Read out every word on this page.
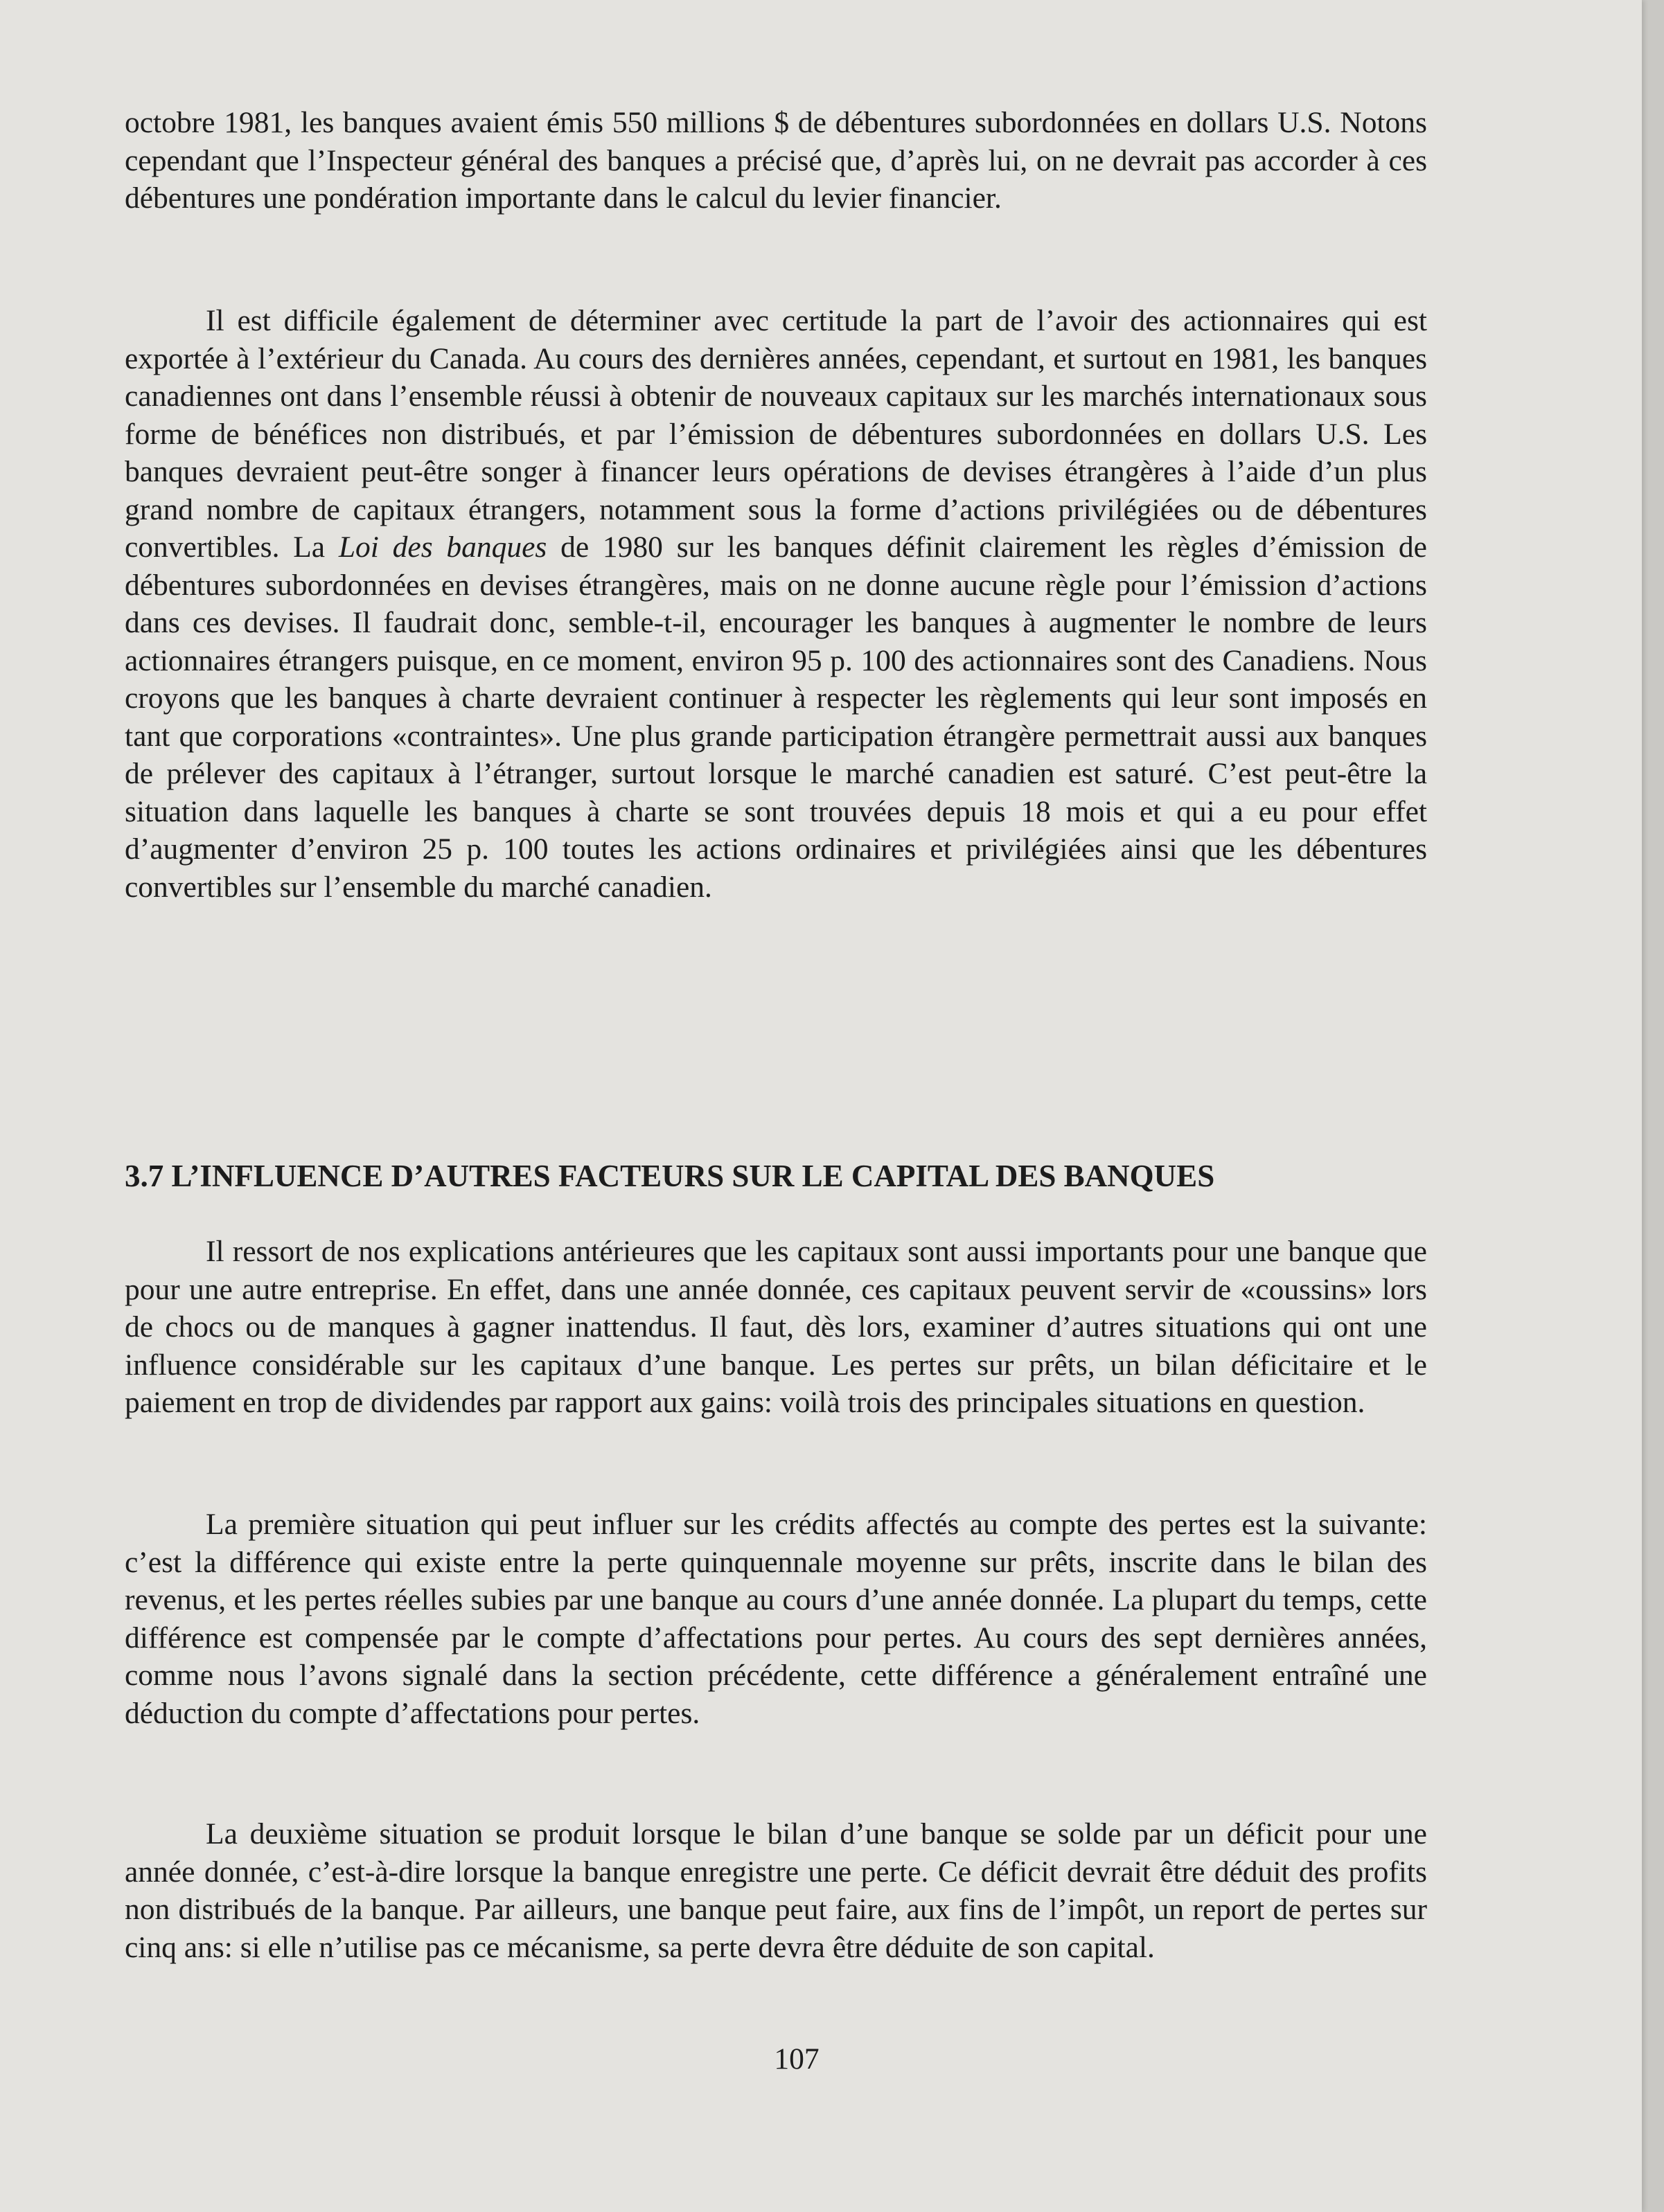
octobre 1981, les banques avaient émis 550 millions $ de débentures subordonnées en dollars U.S. Notons cependant que l’Inspecteur général des banques a précisé que, d’après lui, on ne devrait pas accorder à ces débentures une pondération importante dans le calcul du levier financier.

Il est difficile également de déterminer avec certitude la part de l’avoir des actionnaires qui est exportée à l’extérieur du Canada. Au cours des dernières années, cependant, et surtout en 1981, les banques canadiennes ont dans l’ensemble réussi à obtenir de nouveaux capitaux sur les marchés internationaux sous forme de bénéfices non distribués, et par l’émission de débentures subordonnées en dollars U.S. Les banques devraient peut-être songer à financer leurs opérations de devises étrangères à l’aide d’un plus grand nombre de capitaux étrangers, notamment sous la forme d’actions privilégiées ou de débentures convertibles. La Loi des banques de 1980 sur les banques définit clairement les règles d’émission de débentures subordonnées en devises étrangères, mais on ne donne aucune règle pour l’émission d’actions dans ces devises. Il faudrait donc, semble-t-il, encourager les banques à augmenter le nombre de leurs actionnaires étrangers puisque, en ce moment, environ 95 p. 100 des actionnaires sont des Canadiens. Nous croyons que les banques à charte devraient continuer à respecter les règlements qui leur sont imposés en tant que corporations «contraintes». Une plus grande participation étrangère permettrait aussi aux banques de prélever des capitaux à l’étranger, surtout lorsque le marché canadien est saturé. C’est peut-être la situation dans laquelle les banques à charte se sont trouvées depuis 18 mois et qui a eu pour effet d’augmenter d’environ 25 p. 100 toutes les actions ordinaires et privilégiées ainsi que les débentures convertibles sur l’ensemble du marché canadien.

3.7 L’INFLUENCE D’AUTRES FACTEURS SUR LE CAPITAL DES BANQUES

Il ressort de nos explications antérieures que les capitaux sont aussi importants pour une banque que pour une autre entreprise. En effet, dans une année donnée, ces capitaux peuvent servir de «coussins» lors de chocs ou de manques à gagner inattendus. Il faut, dès lors, examiner d’autres situations qui ont une influence considérable sur les capitaux d’une banque. Les pertes sur prêts, un bilan déficitaire et le paiement en trop de dividendes par rapport aux gains: voilà trois des principales situations en question.

La première situation qui peut influer sur les crédits affectés au compte des pertes est la suivante: c’est la différence qui existe entre la perte quinquennale moyenne sur prêts, inscrite dans le bilan des revenus, et les pertes réelles subies par une banque au cours d’une année donnée. La plupart du temps, cette différence est compensée par le compte d’affectations pour pertes. Au cours des sept dernières années, comme nous l’avons signalé dans la section précédente, cette différence a généralement entraîné une déduction du compte d’affectations pour pertes.

La deuxième situation se produit lorsque le bilan d’une banque se solde par un déficit pour une année donnée, c’est-à-dire lorsque la banque enregistre une perte. Ce déficit devrait être déduit des profits non distribués de la banque. Par ailleurs, une banque peut faire, aux fins de l’impôt, un report de pertes sur cinq ans: si elle n’utilise pas ce mécanisme, sa perte devra être déduite de son capital.

107
